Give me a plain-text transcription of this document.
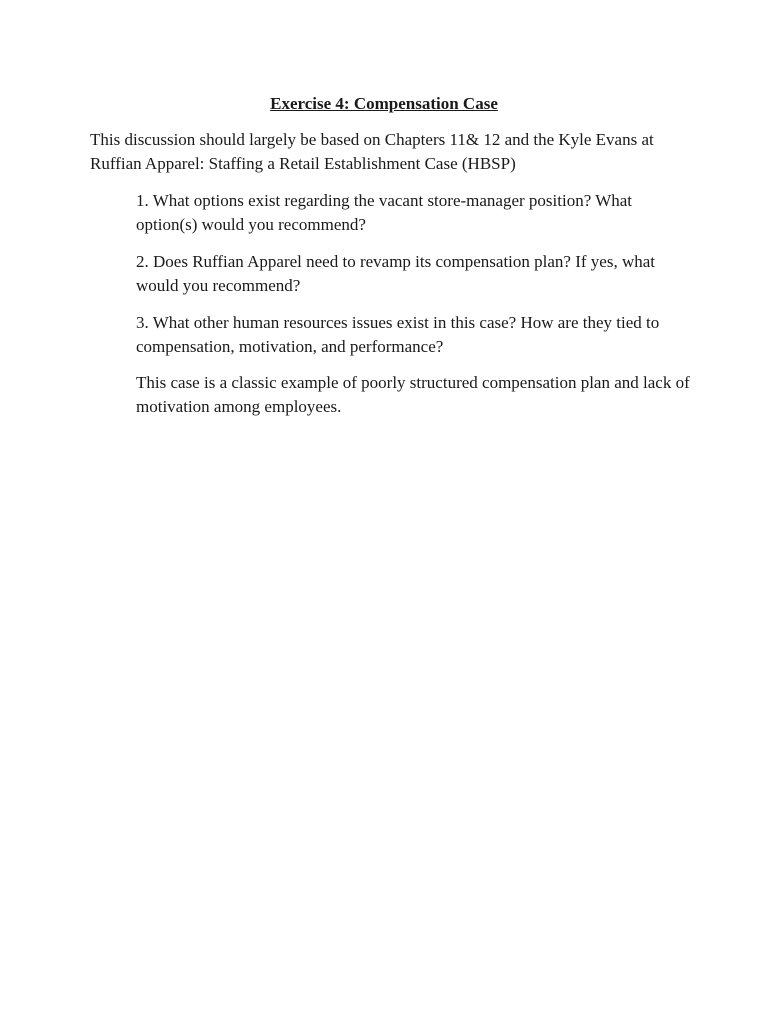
Exercise 4: Compensation Case

This discussion should largely be based on Chapters 11& 12 and the Kyle Evans at Ruffian Apparel: Staffing a Retail Establishment Case (HBSP)

1. What options exist regarding the vacant store-manager position? What option(s) would you recommend?

2. Does Ruffian Apparel need to revamp its compensation plan? If yes, what would you recommend?

3. What other human resources issues exist in this case? How are they tied to compensation, motivation, and performance?

This case is a classic example of poorly structured compensation plan and lack of motivation among employees.
